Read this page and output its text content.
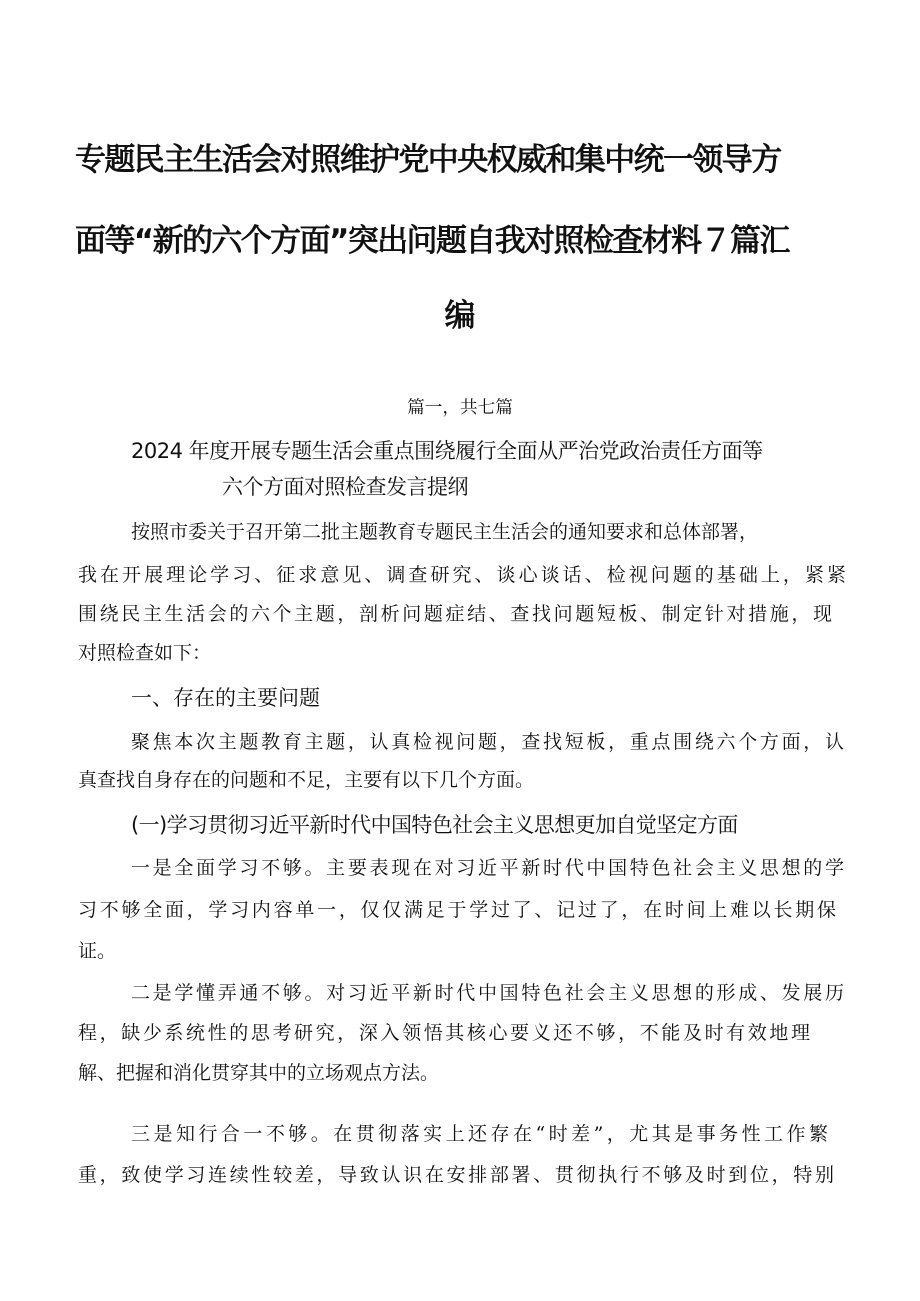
专题民主生活会对照维护党中央权威和集中统一领导方
面等“新的六个方面”突出问题自我对照检查材料７篇汇
编
篇一，共七篇
2024 年度开展专题生活会重点围绕履行全面从严治党政治责任方面等
六个方面对照检查发言提纲
按照市委关于召开第二批主题教育专题民主生活会的通知要求和总体部署，
我在开展理论学习、征求意见、调查研究、谈心谈话、检视问题的基础上，紧紧
围绕民主生活会的六个主题，剖析问题症结、查找问题短板、制定针对措施，现
对照检查如下：
一、存在的主要问题
聚焦本次主题教育主题，认真检视问题，查找短板，重点围绕六个方面，认
真查找自身存在的问题和不足，主要有以下几个方面。
(一)学习贯彻习近平新时代中国特色社会主义思想更加自觉坚定方面
一是全面学习不够。主要表现在对习近平新时代中国特色社会主义思想的学
习不够全面，学习内容单一，仅仅满足于学过了、记过了，在时间上难以长期保
证。
二是学懂弄通不够。对习近平新时代中国特色社会主义思想的形成、发展历
程，缺少系统性的思考研究，深入领悟其核心要义还不够，不能及时有效地理
解、把握和消化贯穿其中的立场观点方法。
三是知行合一不够。在贯彻落实上还存在“时差”，尤其是事务性工作繁
重，致使学习连续性较差，导致认识在安排部署、贯彻执行不够及时到位，特别
